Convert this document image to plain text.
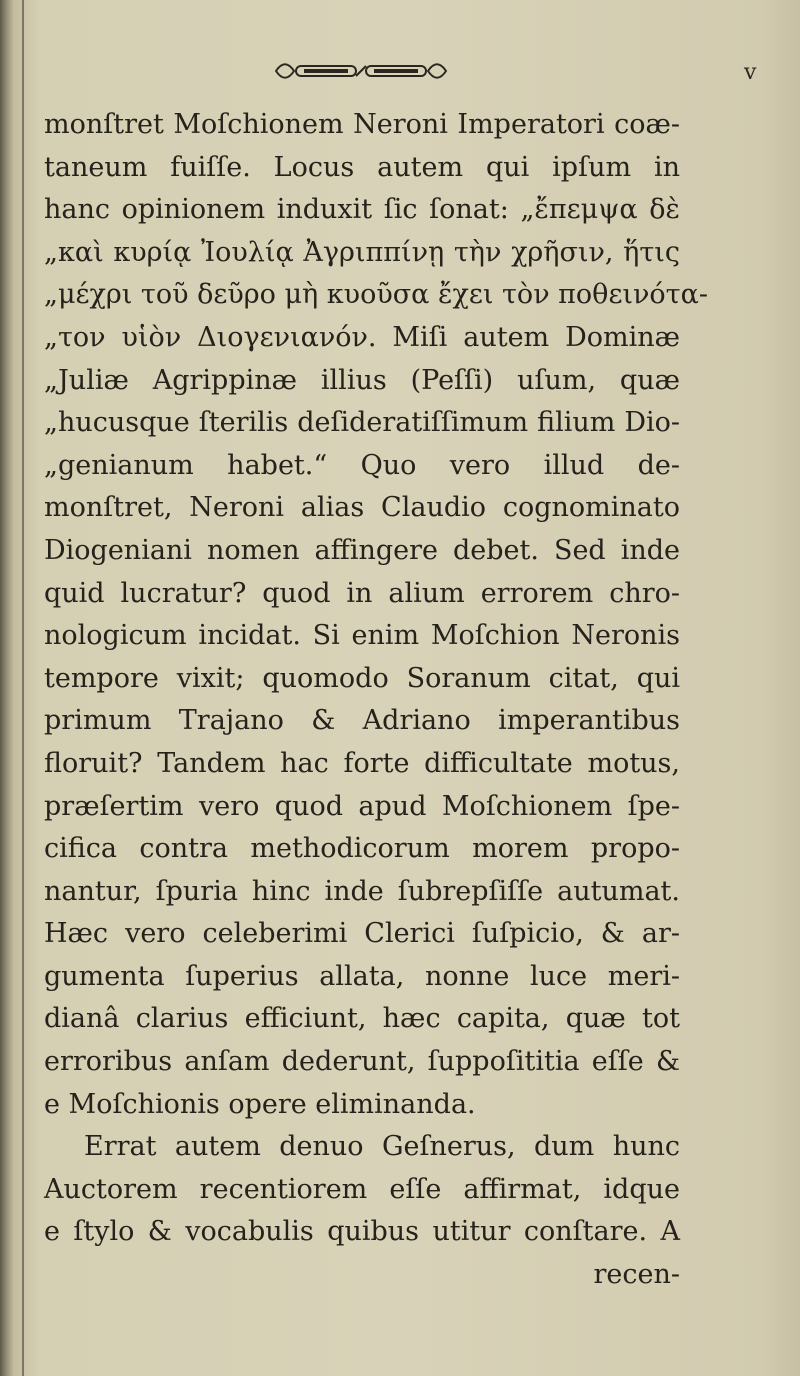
v
monſtret Moſchionem Neroni Imperatori coæ-
taneum fuiſſe. Locus autem qui ipſum in
hanc opinionem induxit ſic ſonat: „ἔπεμψα δὲ
„καὶ κυρίᾳ Ἰουλίᾳ Ἀγριππίνῃ τὴν χρῆσιν, ἥτις
„μέχρι τοῦ δεῦρο μὴ κυοῦσα ἔχει τὸν ποθεινότα-
„τον υἱὸν Διογενιανόν. Miſi autem Dominæ
„Juliæ Agrippinæ illius (Peſſi) uſum, quæ
„hucusque ſterilis deſideratiſſimum filium Dio-
„genianum habet.“ Quo vero illud de-
monſtret, Neroni alias Claudio cognominato
Diogeniani nomen affingere debet. Sed inde
quid lucratur? quod in alium errorem chro-
nologicum incidat. Si enim Moſchion Neronis
tempore vixit; quomodo Soranum citat, qui
primum Trajano & Adriano imperantibus
floruit? Tandem hac forte difficultate motus,
præſertim vero quod apud Moſchionem ſpe-
cifica contra methodicorum morem propo-
nantur, ſpuria hinc inde ſubrepſiſſe autumat.
Hæc vero celeberimi Clerici ſuſpicio, & ar-
gumenta ſuperius allata, nonne luce meri-
dianâ clarius efficiunt, hæc capita, quæ tot
erroribus anſam dederunt, ſuppoſititia eſſe &
e Moſchionis opere eliminanda.
Errat autem denuo Geſnerus, dum hunc
Auctorem recentiorem eſſe affirmat, idque
e ſtylo & vocabulis quibus utitur conſtare. A
recen-
